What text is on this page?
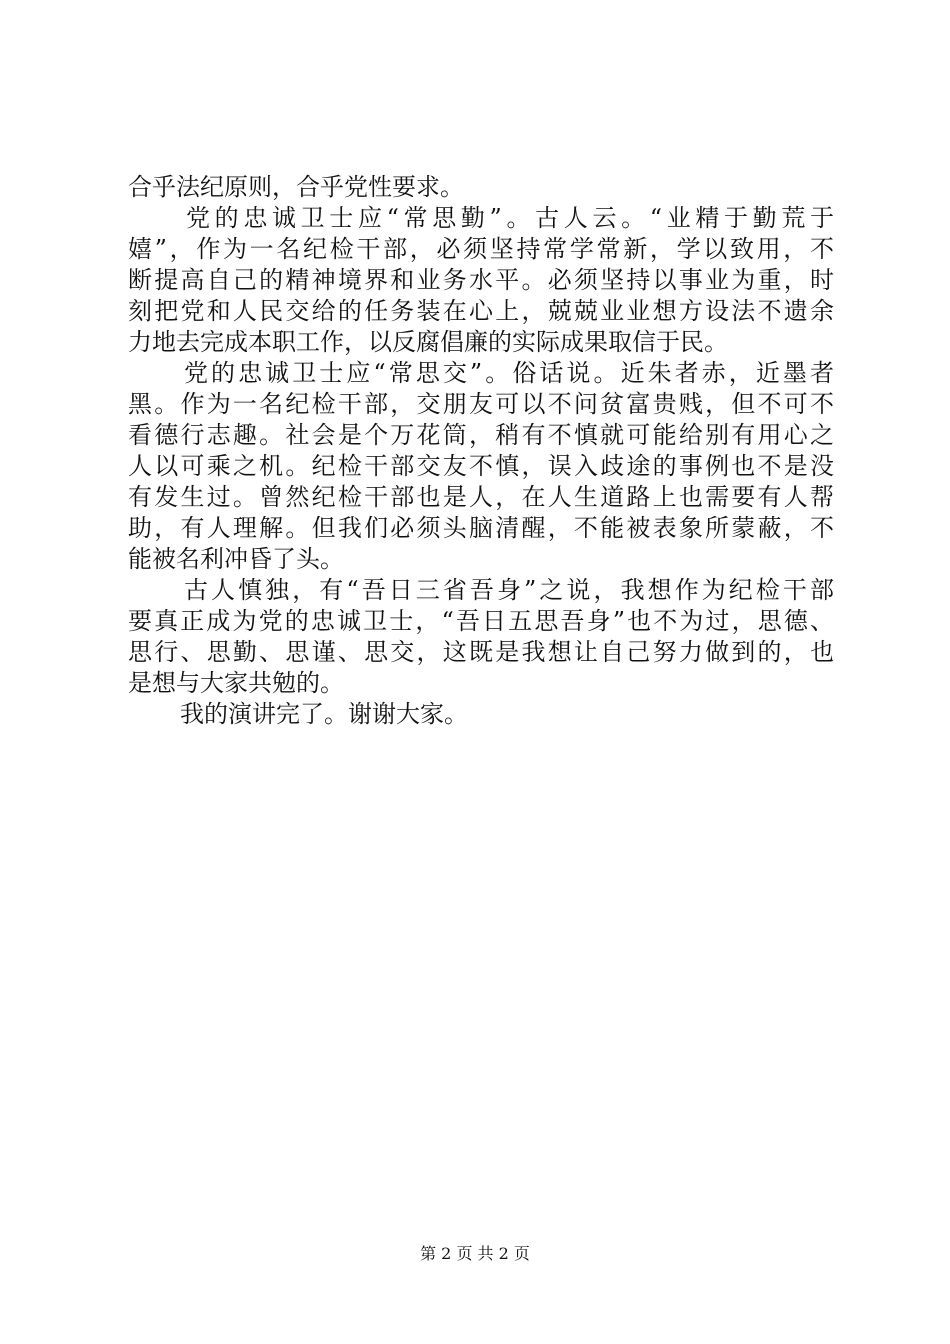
合乎法纪原则，合乎党性要求。
党的忠诚卫士应“常思勤”。古人云。“业精于勤荒于
嬉”，作为一名纪检干部，必须坚持常学常新，学以致用，不
断提高自己的精神境界和业务水平。必须坚持以事业为重，时
刻把党和人民交给的任务装在心上，兢兢业业想方设法不遗余
力地去完成本职工作，以反腐倡廉的实际成果取信于民。
党的忠诚卫士应“常思交”。俗话说。近朱者赤，近墨者
黑。作为一名纪检干部，交朋友可以不问贫富贵贱，但不可不
看德行志趣。社会是个万花筒，稍有不慎就可能给别有用心之
人以可乘之机。纪检干部交友不慎，误入歧途的事例也不是没
有发生过。曾然纪检干部也是人，在人生道路上也需要有人帮
助，有人理解。但我们必须头脑清醒，不能被表象所蒙蔽，不
能被名利冲昏了头。
古人慎独，有“吾日三省吾身”之说，我想作为纪检干部
要真正成为党的忠诚卫士，“吾日五思吾身”也不为过，思德、
思行、思勤、思谨、思交，这既是我想让自己努力做到的，也
是想与大家共勉的。
我的演讲完了。谢谢大家。
第 2 页 共 2 页
